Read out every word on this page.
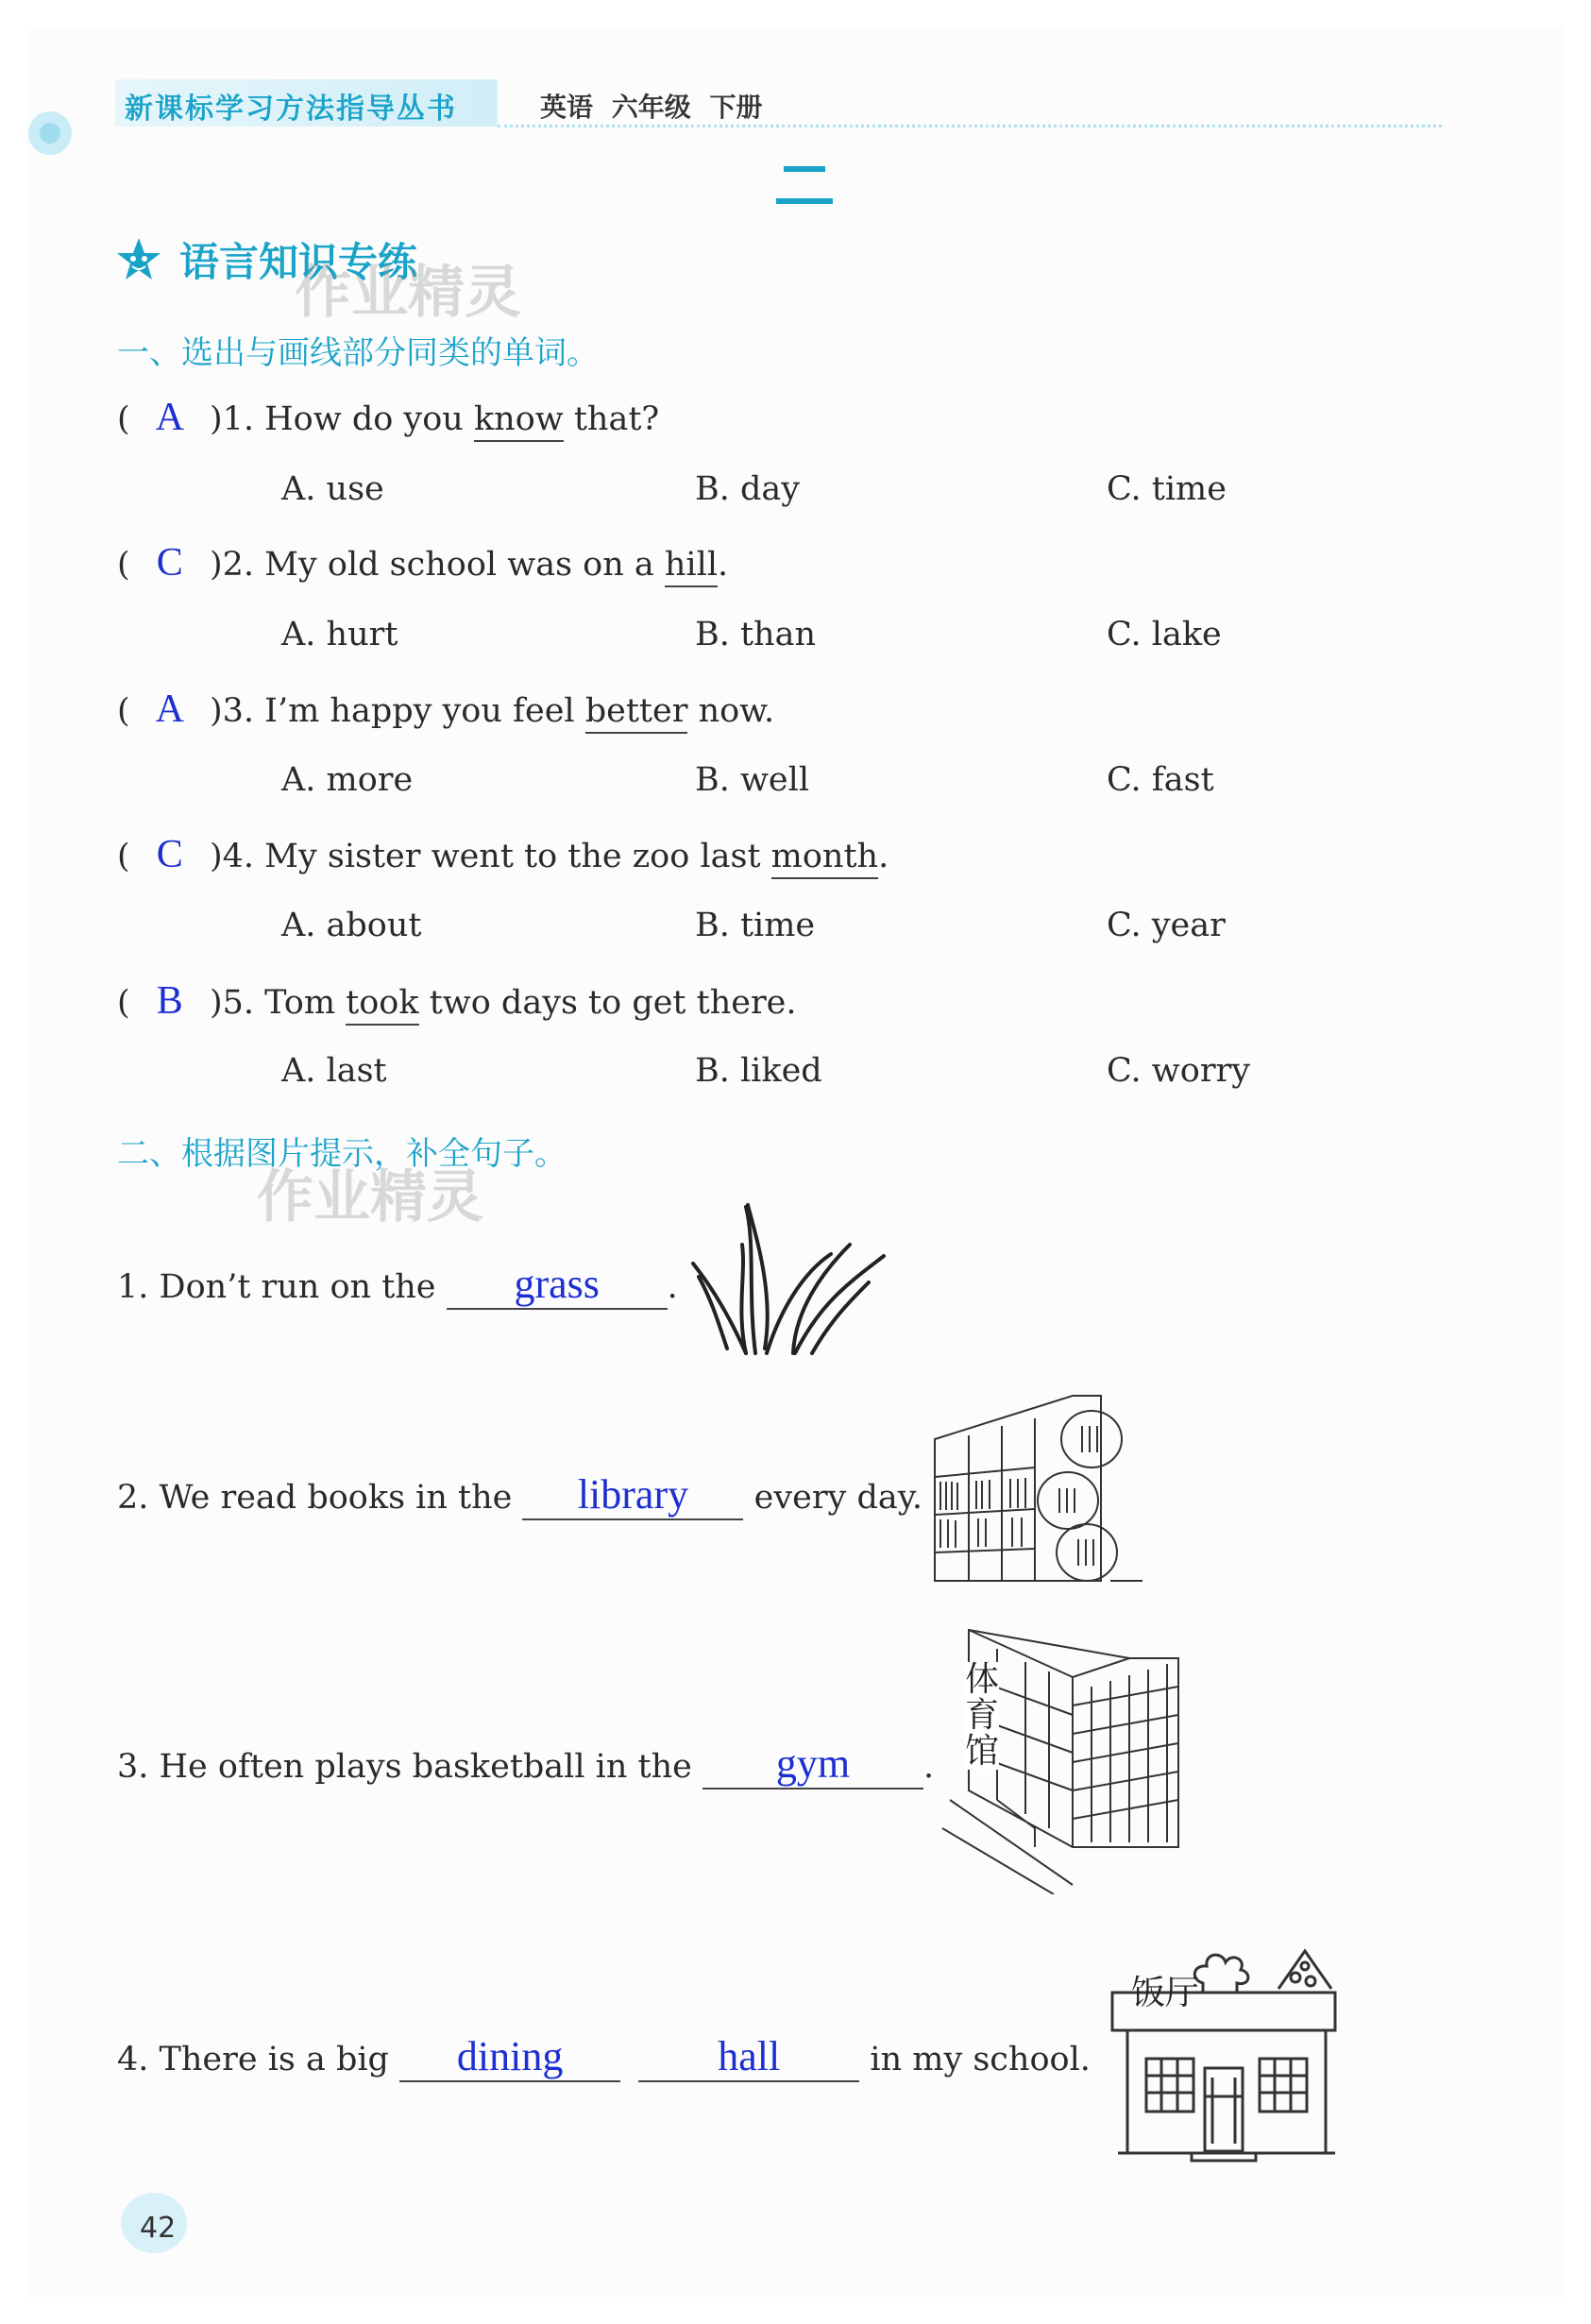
新课标学习方法指导丛书	英语 六年级 下册
语言知识专练
作业精灵
一、选出与画线部分同类的单词。
( A )1. How do you know that?
A. use	B. day	C. time
( C )2. My old school was on a hill.
A. hurt	B. than	C. lake
( A )3. I’m happy you feel better now.
A. more	B. well	C. fast
( C )4. My sister went to the zoo last month.
A. about	B. time	C. year
( B )5. Tom took two days to get there.
A. last	B. liked	C. worry
二、根据图片提示，补全句子。
作业精灵
1. Don’t run on the grass .
2. We read books in the library every day.
3. He often plays basketball in the gym .
体
育
馆
4. There is a big dining	hall	in my school.
饭厅
42
